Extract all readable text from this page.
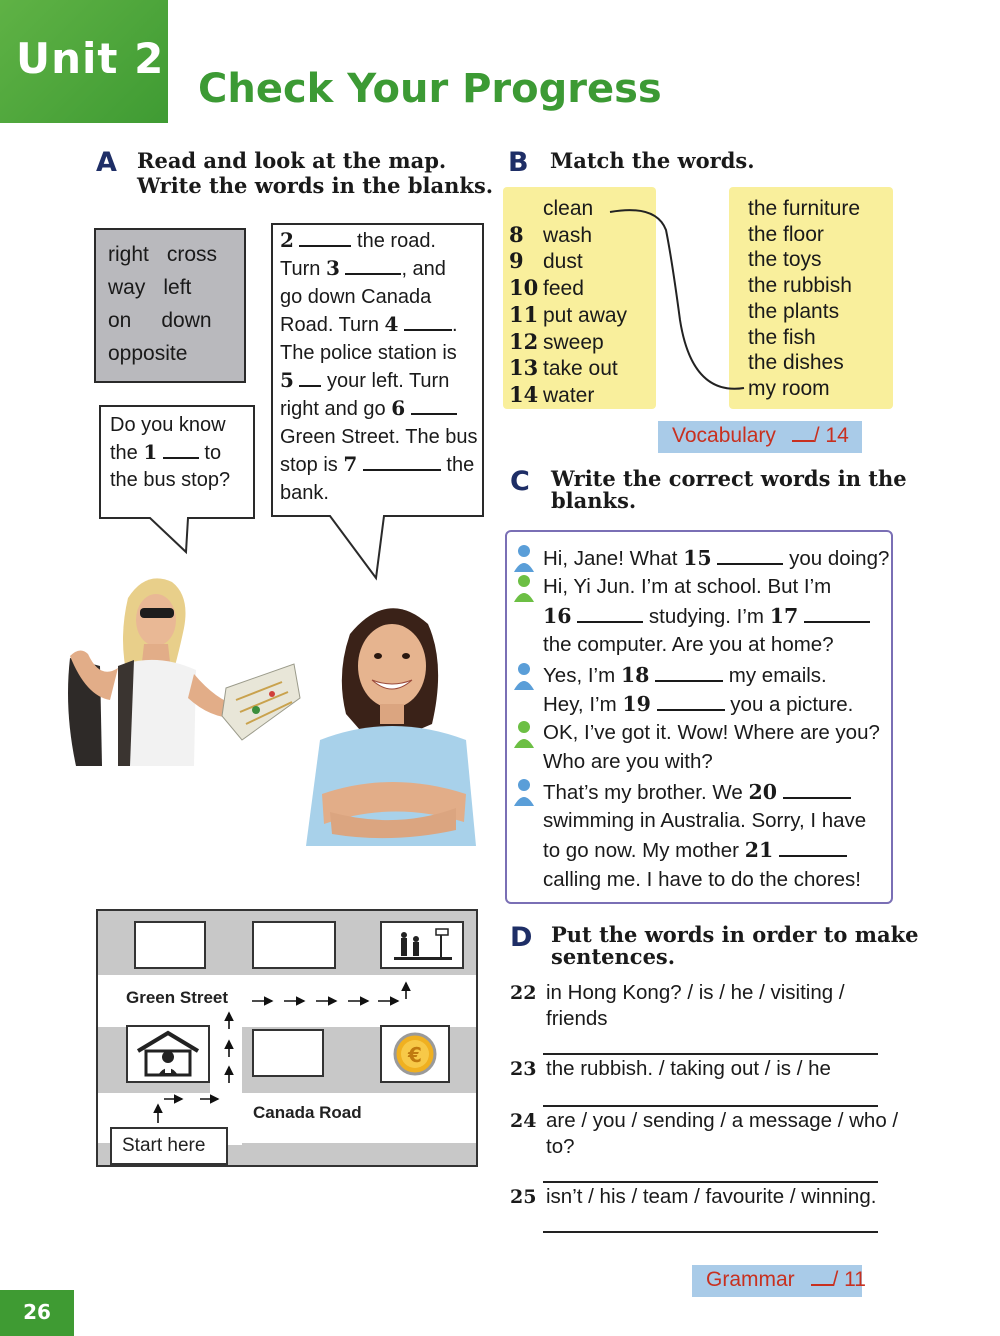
Unit 2
Check Your Progress
A Read and look at the map.
Write the words in the blanks.
right cross
way left
on down
opposite
Do you know
the 1 to
the bus stop?
2	the road.
Turn 3	, and
go down Canada
Road. Turn 4	.
The police station is
5 your left. Turn
right and go 6
Green Street. The bus
stop is 7	the
bank.
€
Green Street
Canada Road
Start here
B Match the words.
clean
8 wash
9 dust
10 feed
11 put away
12 sweep
13 take out
14 water
the furniture
the floor
the toys
the rubbish
the plants
the fish
the dishes
my room
Vocabulary / 14
C Write the correct words in the
blanks.
Hi, Jane! What 15	you doing?
Hi, Yi Jun. I’m at school. But I’m
16	studying. I’m 17
the computer. Are you at home?
Yes, I’m 18	my emails.
Hey, I’m 19	you a picture.
OK, I’ve got it. Wow! Where are you?
Who are you with?
That’s my brother. We 20
swimming in Australia. Sorry, I have
to go now. My mother 21
calling me. I have to do the chores!
D Put the words in order to make
sentences.
22 in Hong Kong? / is / he / visiting /
friends
23 the rubbish. / taking out / is / he
24 are / you / sending / a message / who /
to?
25 isn’t / his / team / favourite / winning.
Grammar / 11
26
